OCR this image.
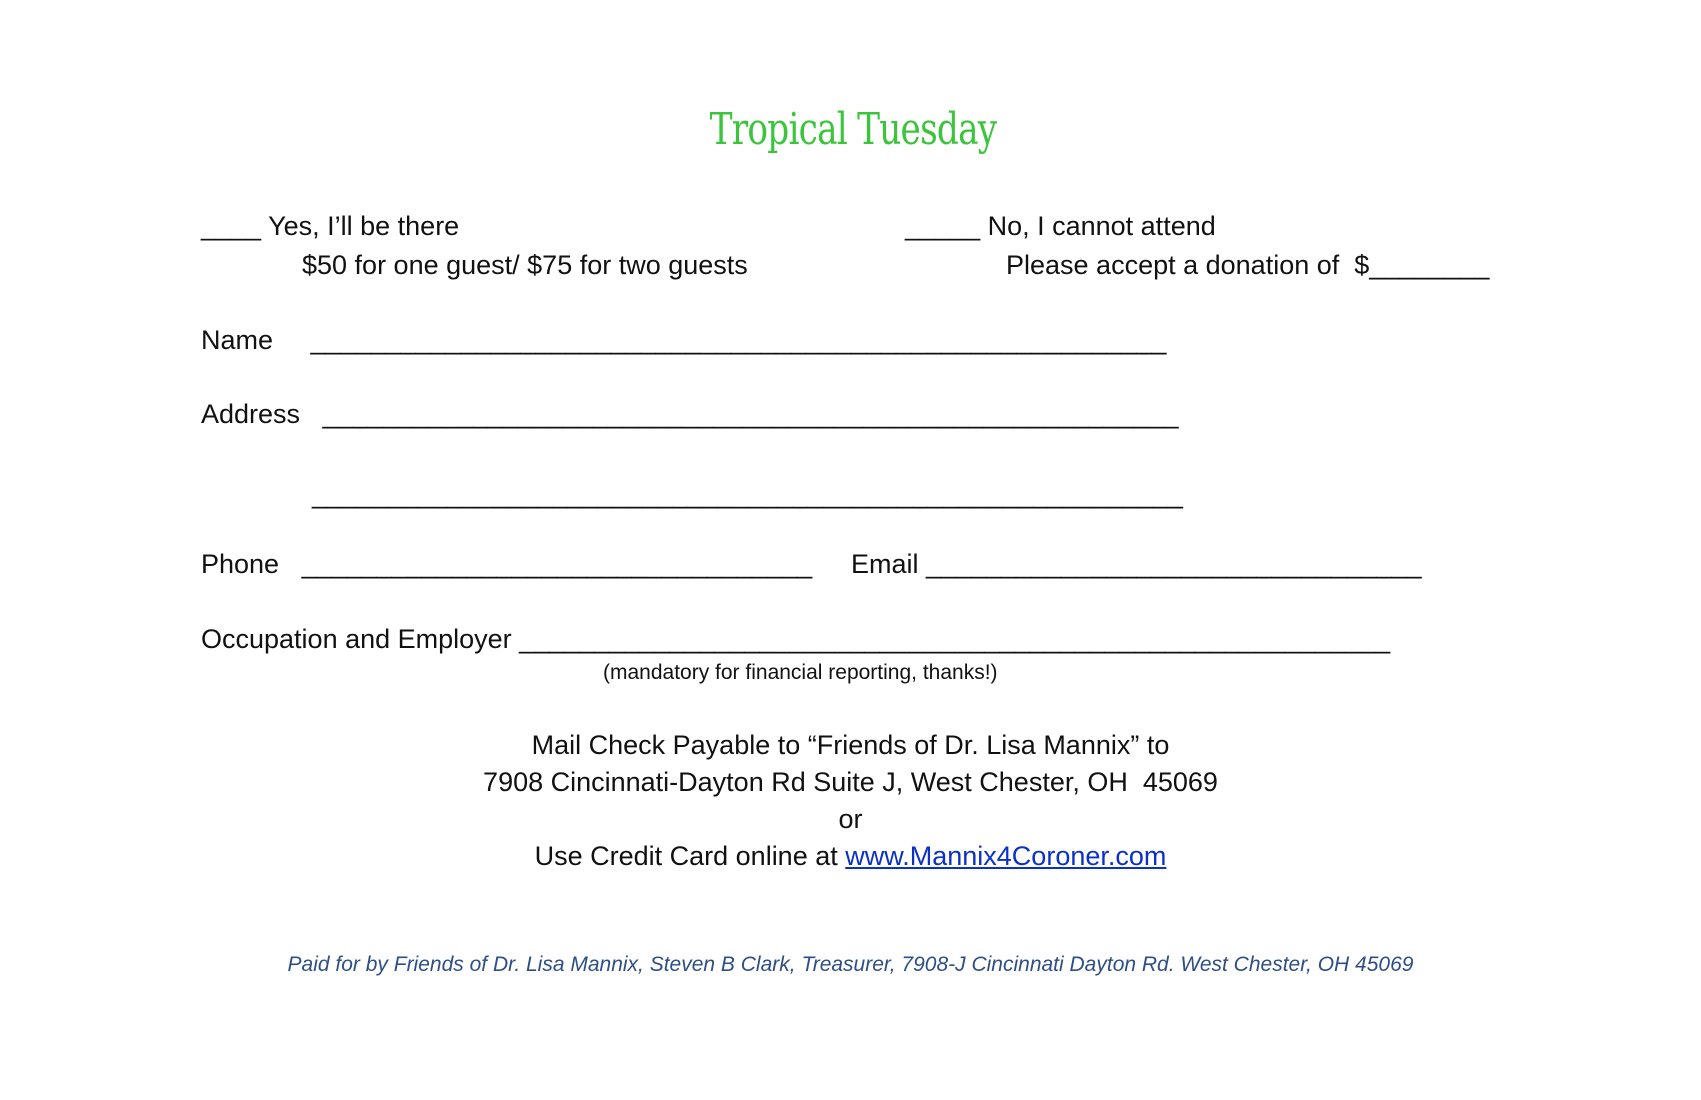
Tropical Tuesday
____ Yes, I’ll be there
$50 for one guest/ $75 for two guests
_____ No, I cannot attend
Please accept a donation of  $________
Name     _________________________________________________________
Address   _________________________________________________________
__________________________________________________________
Phone   __________________________________ Email _________________________________
Occupation and Employer __________________________________________________________
(mandatory for financial reporting, thanks!)
Mail Check Payable to “Friends of Dr. Lisa Mannix” to
7908 Cincinnati-Dayton Rd Suite J, West Chester, OH  45069
or
Use Credit Card online at www.Mannix4Coroner.com
Paid for by Friends of Dr. Lisa Mannix, Steven B Clark, Treasurer, 7908-J Cincinnati Dayton Rd. West Chester, OH 45069
